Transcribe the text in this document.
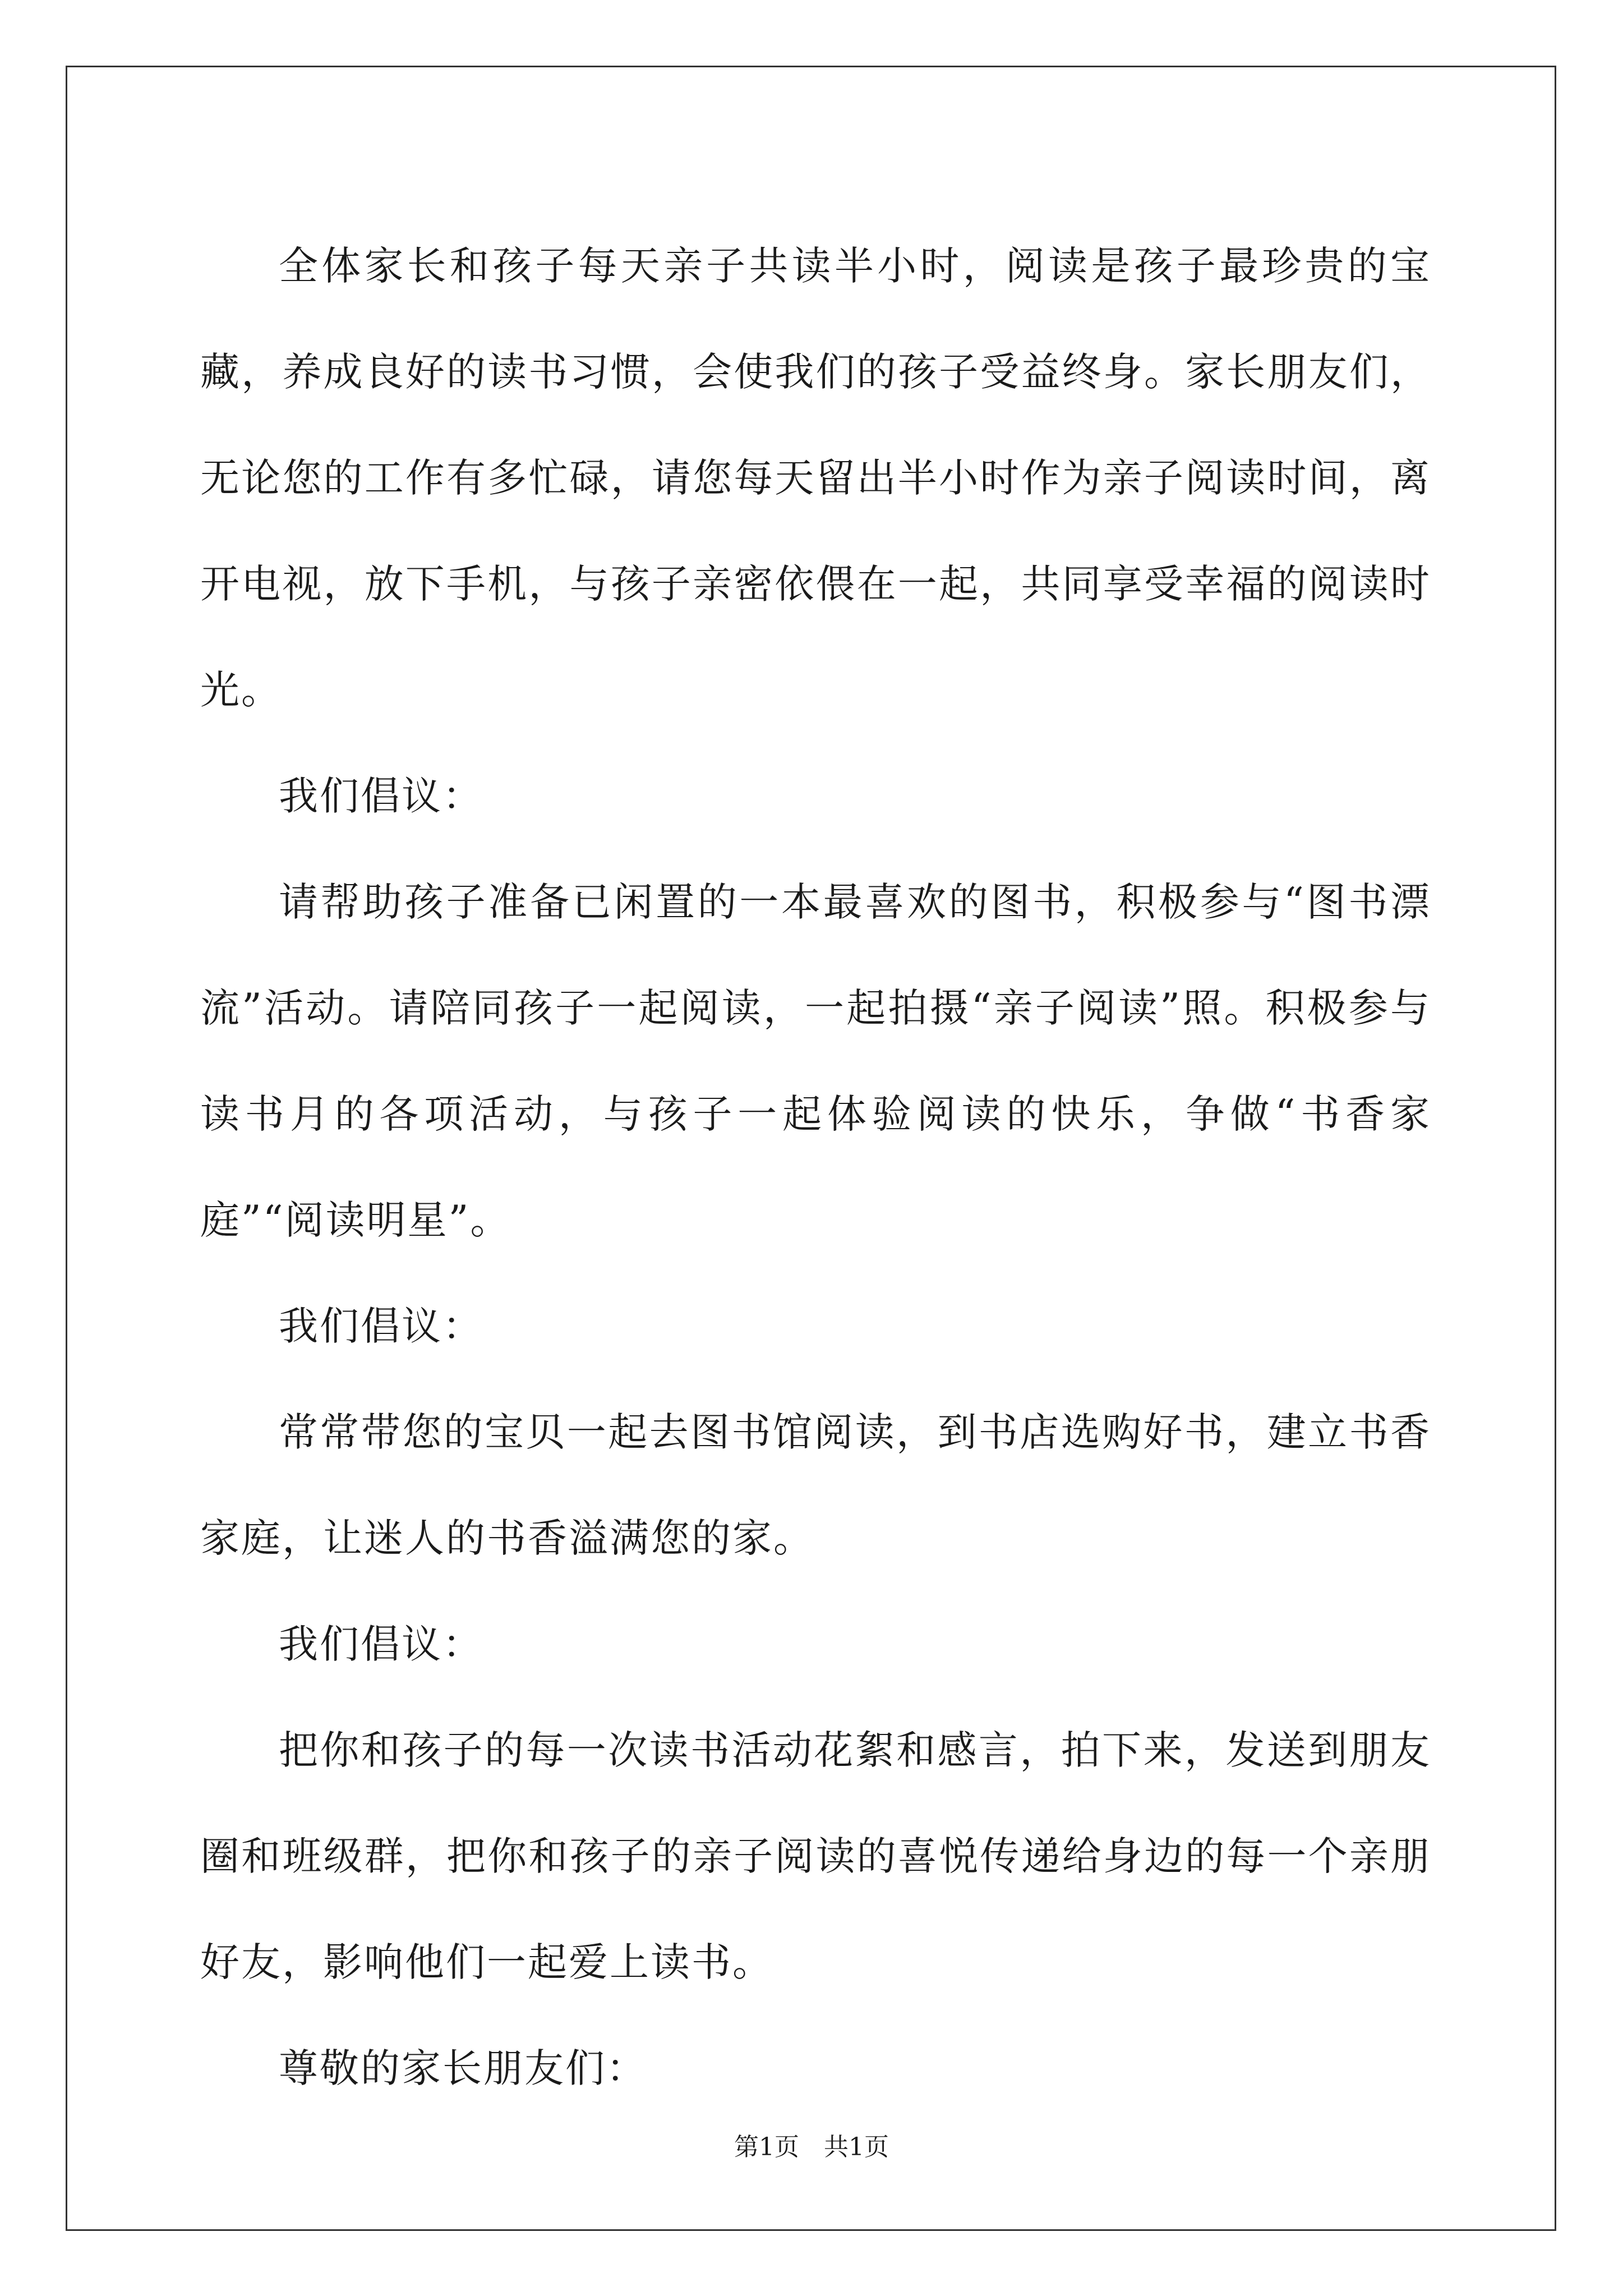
全体家长和孩子每天亲子共读半小时，阅读是孩子最珍贵的宝藏，养成良好的读书习惯，会使我们的孩子受益终身。家长朋友们，无论您的工作有多忙碌，请您每天留出半小时作为亲子阅读时间，离开电视，放下手机，与孩子亲密依偎在一起，共同享受幸福的阅读时光。

我们倡议：

请帮助孩子准备已闲置的一本最喜欢的图书，积极参与“图书漂流”活动。请陪同孩子一起阅读，一起拍摄“亲子阅读”照。积极参与读书月的各项活动，与孩子一起体验阅读的快乐，争做“书香家庭”“阅读明星”。

我们倡议：

常常带您的宝贝一起去图书馆阅读，到书店选购好书，建立书香家庭，让迷人的书香溢满您的家。

我们倡议：

把你和孩子的每一次读书活动花絮和感言，拍下来，发送到朋友圈和班级群，把你和孩子的亲子阅读的喜悦传递给身边的每一个亲朋好友，影响他们一起爱上读书。

尊敬的家长朋友们：

第1页 共1页
